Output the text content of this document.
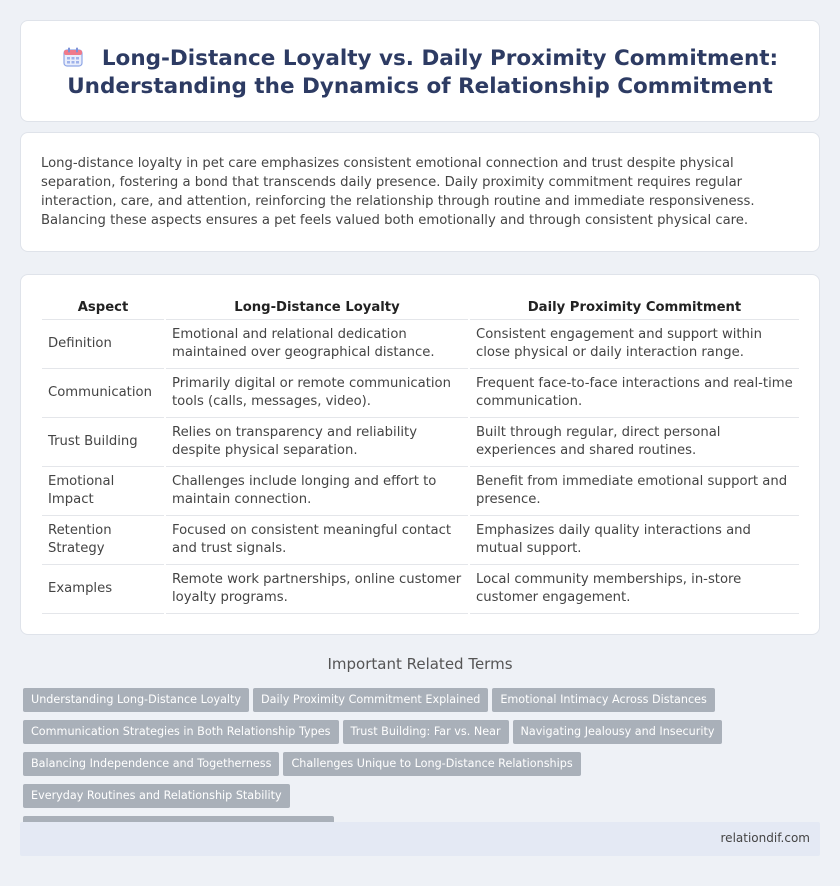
Long-Distance Loyalty vs. Daily Proximity Commitment: Understanding the Dynamics of Relationship Commitment

Long-distance loyalty in pet care emphasizes consistent emotional connection and trust despite physical separation, fostering a bond that transcends daily presence. Daily proximity commitment requires regular interaction, care, and attention, reinforcing the relationship through routine and immediate responsiveness. Balancing these aspects ensures a pet feels valued both emotionally and through consistent physical care.

Aspect	Long-Distance Loyalty	Daily Proximity Commitment
Definition	Emotional and relational dedication maintained over geographical distance.	Consistent engagement and support within close physical or daily interaction range.
Communication	Primarily digital or remote communication tools (calls, messages, video).	Frequent face-to-face interactions and real-time communication.
Trust Building	Relies on transparency and reliability despite physical separation.	Built through regular, direct personal experiences and shared routines.
Emotional Impact	Challenges include longing and effort to maintain connection.	Benefit from immediate emotional support and presence.
Retention Strategy	Focused on consistent meaningful contact and trust signals.	Emphasizes daily quality interactions and mutual support.
Examples	Remote work partnerships, online customer loyalty programs.	Local community memberships, in-store customer engagement.
Important Related Terms
Understanding Long-Distance Loyalty Daily Proximity Commitment Explained Emotional Intimacy Across Distances
Communication Strategies in Both Relationship Types Trust Building: Far vs. Near Navigating Jealousy and Insecurity
Balancing Independence and Togetherness Challenges Unique to Long-Distance RelationshipsEveryday Routines and Relationship Stability

relationdif.com
